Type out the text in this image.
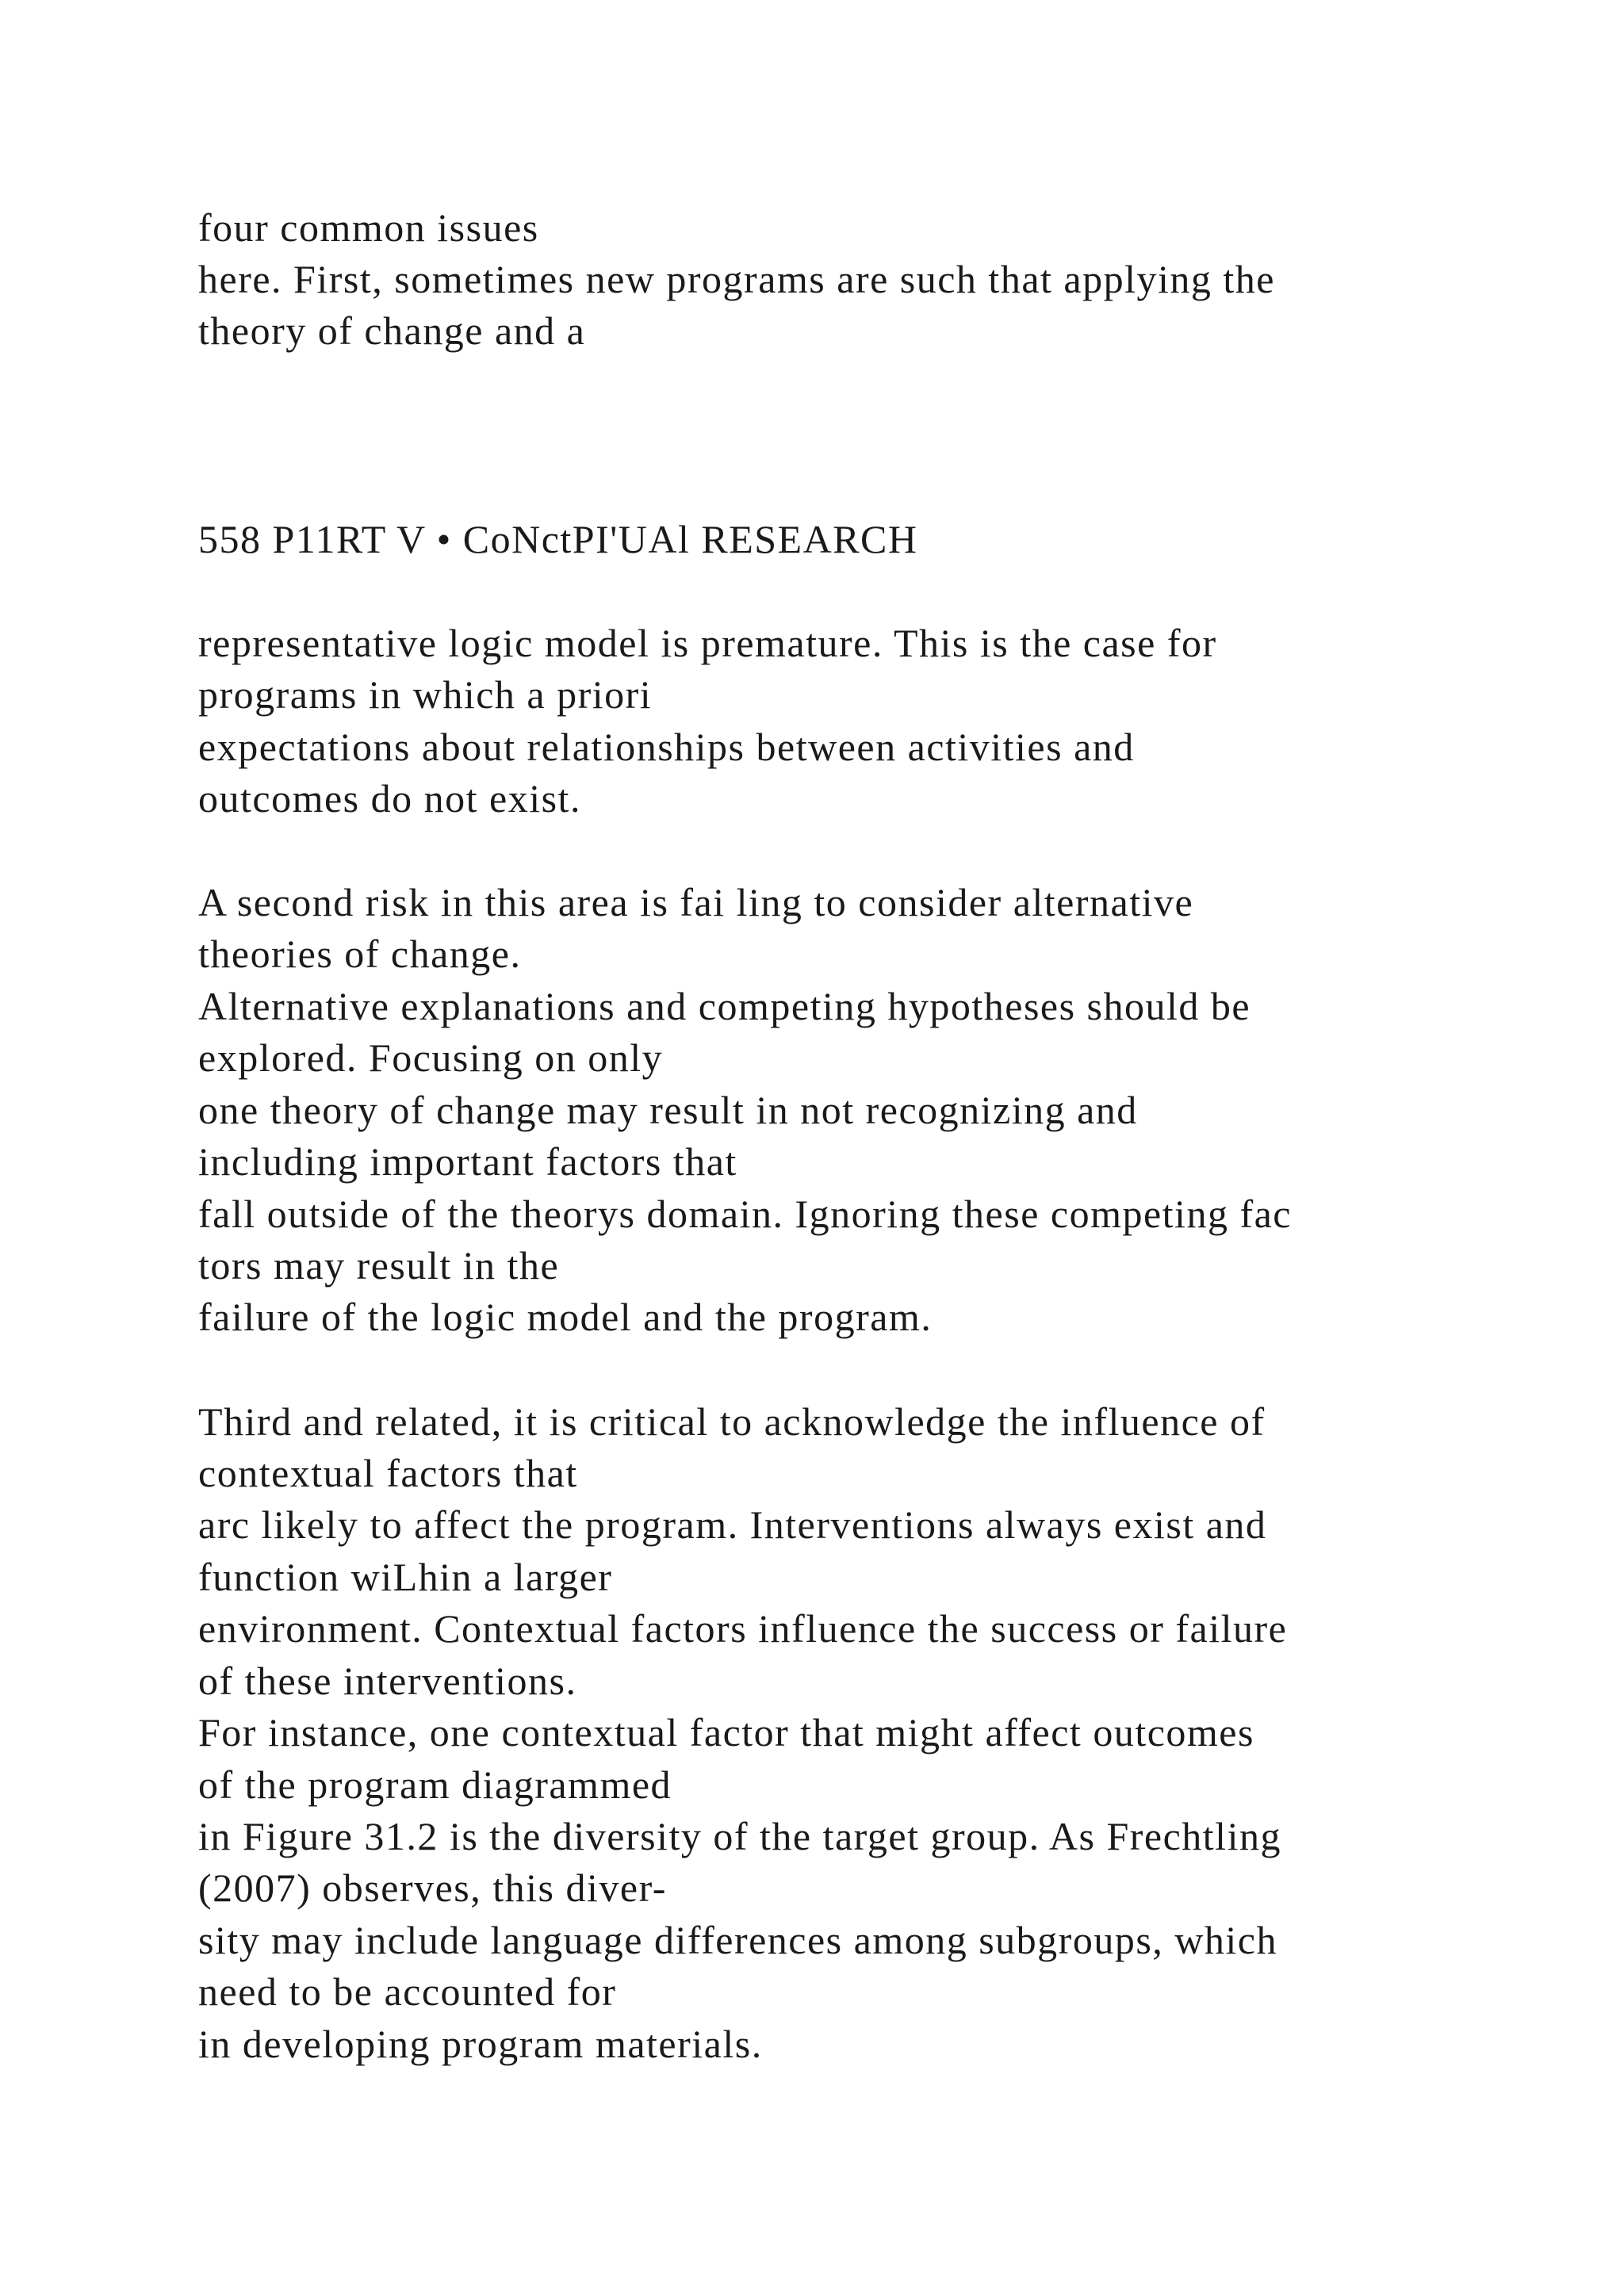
four common issues
here. First, sometimes new programs are such that applying the
theory of change and a
558 P11RT V • CoNctPI'UAl RESEARCH
representative logic model is premature. This is the case for
programs in which a priori
expectations about relationships between activities and
outcomes do not exist.
A second risk in this area is fai ling to consider alternative
theories of change.
Alternative explanations and competing hypotheses should be
explored. Focusing on only
one theory of change may result in not recognizing and
including important factors that
fall outside of the theorys domain. Ignoring these competing fac
tors may result in the
failure of the logic model and the program.
Third and related, it is critical to acknowledge the influence of
contextual factors that
arc likely to affect the program. Interventions always exist and
function wiLhin a larger
environment. Contextual factors influence the success or failure
of these interventions.
For instance, one contextual factor that might affect outcomes
of the program diagrammed
in Figure 31.2 is the diversity of the target group. As Frechtling
(2007) observes, this diver-
sity may include language differences among subgroups, which
need to be accounted for
in developing program materials.
